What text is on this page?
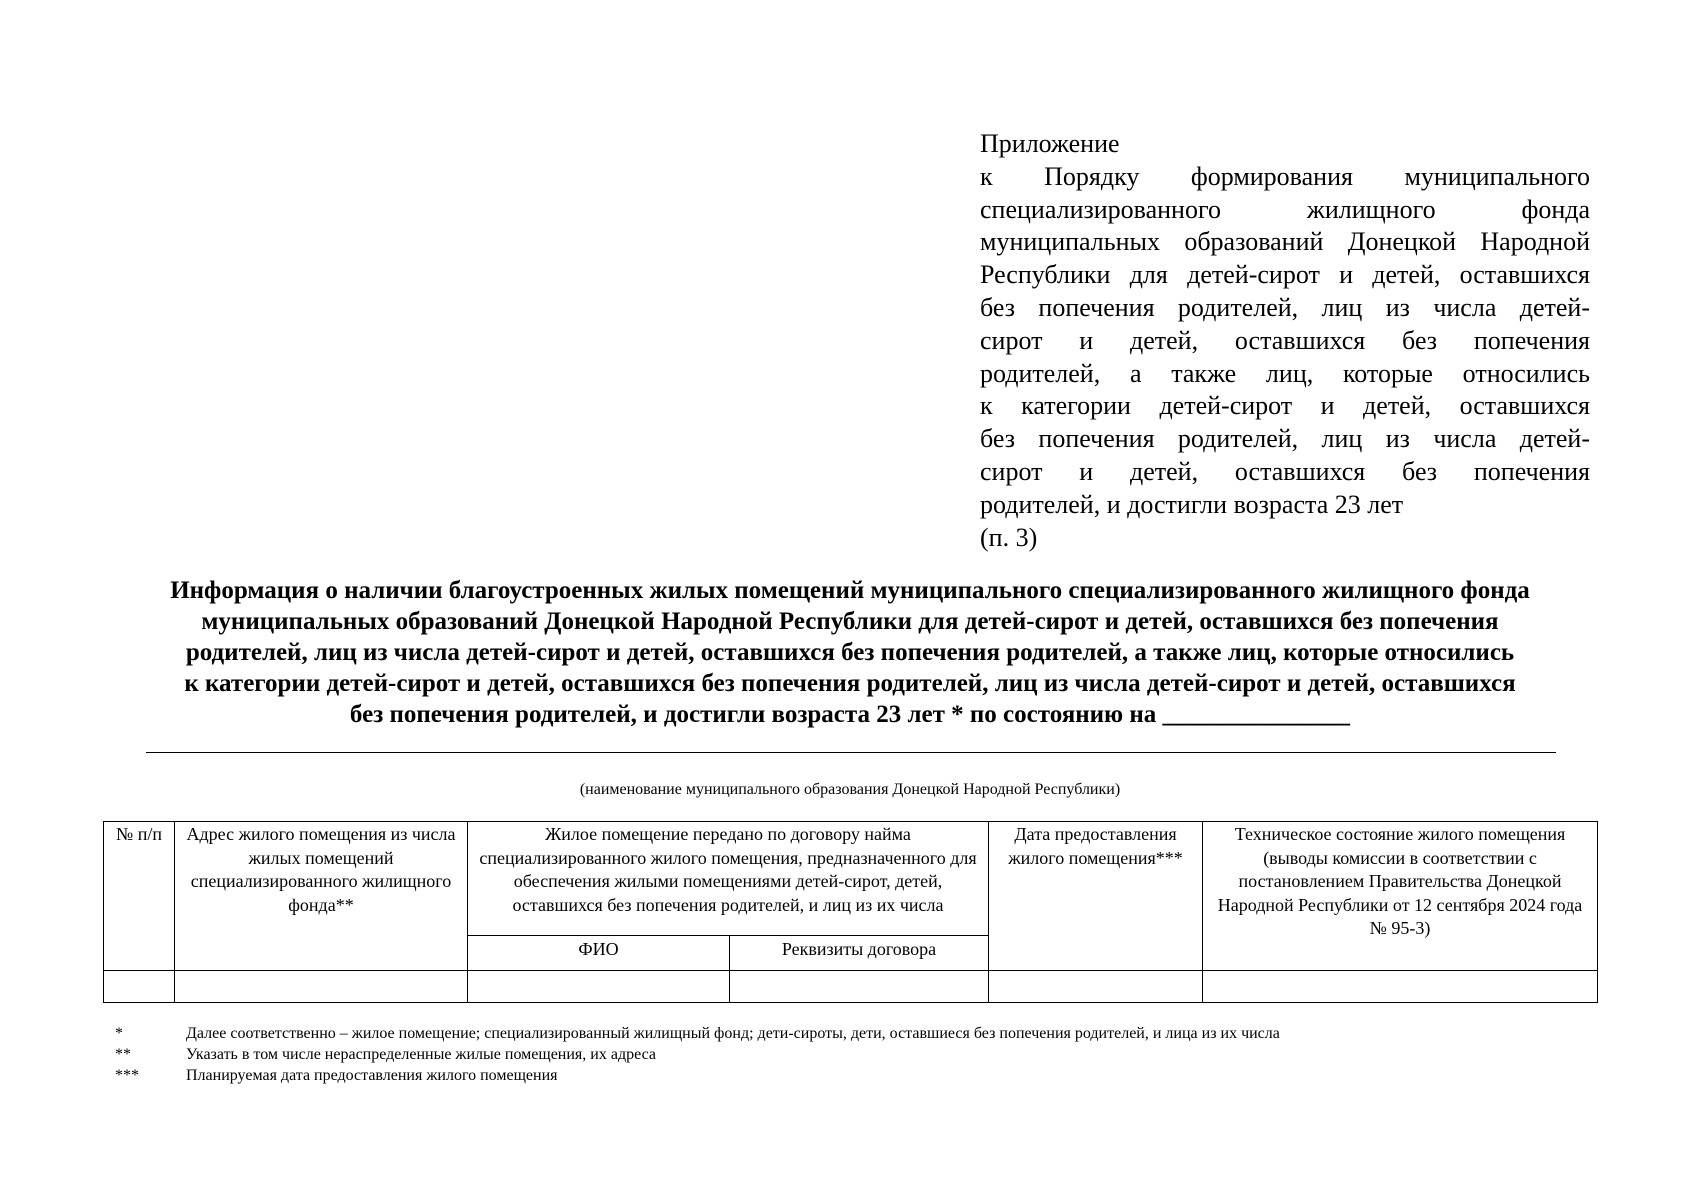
Приложение
к Порядку формирования муниципального
специализированного жилищного фонда
муниципальных образований Донецкой Народной
Республики для детей-сирот и детей, оставшихся
без попечения родителей, лиц из числа детей-
сирот и детей, оставшихся без попечения
родителей, а также лиц, которые относились
к категории детей-сирот и детей, оставшихся
без попечения родителей, лиц из числа детей-
сирот и детей, оставшихся без попечения
родителей, и достигли возраста 23 лет
(п. 3)
Информация о наличии благоустроенных жилых помещений муниципального специализированного жилищного фонда
муниципальных образований Донецкой Народной Республики для детей-сирот и детей, оставшихся без попечения
родителей, лиц из числа детей-сирот и детей, оставшихся без попечения родителей, а также лиц, которые относились
к категории детей-сирот и детей, оставшихся без попечения родителей, лиц из числа детей-сирот и детей, оставшихся
без попечения родителей, и достигли возраста 23 лет * по состоянию на _______________
(наименование муниципального образования Донецкой Народной Республики)
№ п/п	Адрес жилого помещения из числа жилых помещений специализированного жилищного фонда**	Жилое помещение передано по договору найма специализированного жилого помещения, предназначенного для обеспечения жилыми помещениями детей-сирот, детей, оставшихся без попечения родителей, и лиц из их числа		Дата предоставления жилого помещения***	Техническое состояние жилого помещения (выводы комиссии в соответствии с постановлением Правительства Донецкой Народной Республики от 12 сентября 2024 года № 95-3)
		ФИО	Реквизиты договора		

*	Далее соответственно – жилое помещение; специализированный жилищный фонд; дети-сироты, дети, оставшиеся без попечения родителей, и лица из их числа
**	Указать в том числе нераспределенные жилые помещения, их адреса
***	Планируемая дата предоставления жилого помещения
